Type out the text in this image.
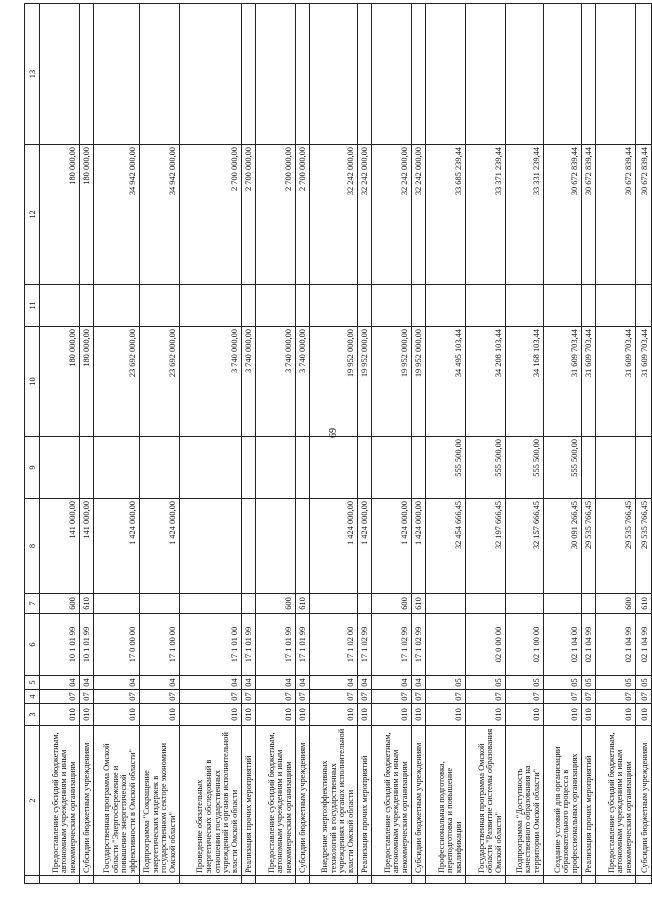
69
	2	3	4	5	6	7	8	9	10	11	12	13
	Предоставление субсидий бюджетным, автономным учреждениям и иным некоммерческим организациям	010	07	04	10 1 01 99	600	141 000,00		180 000,00		180 000,00	
	Субсидии бюджетным учреждениям	010	07	04	10 1 01 99	610	141 000,00		180 000,00		180 000,00	
	Государственная программа Омской области "Энергосбережение и повышение энергетической эффективности в Омской области"	010	07	04	17 0 00 00		1 424 000,00		23 692 000,00		34 942 000,00	
	Подпрограмма "Сокращение энергетических издержек в государственном секторе экономики Омской области"	010	07	04	17 1 00 00		1 424 000,00		23 692 000,00		34 942 000,00	
	Проведение обязательных энергетических обследований в отношении государственных учреждений и органов исполнительной власти Омской области	010	07	04	17 1 01 00				3 740 000,00		2 700 000,00	
	Реализация прочих мероприятий	010	07	04	17 1 01 99				3 740 000,00		2 700 000,00	
	Предоставление субсидий бюджетным, автономным учреждениям и иным некоммерческим организациям	010	07	04	17 1 01 99	600			3 740 000,00		2 700 000,00	
	Субсидии бюджетным учреждениям	010	07	04	17 1 01 99	610			3 740 000,00		2 700 000,00	
	Внедрение энергоэффективных технологий в государственных учреждениях и органах исполнительной власти Омской области	010	07	04	17 1 02 00		1 424 000,00		19 952 000,00		32 242 000,00	
	Реализация прочих мероприятий	010	07	04	17 1 02 99		1 424 000,00		19 952 000,00		32 242 000,00	
	Предоставление субсидий бюджетным, автономным учреждениям и иным некоммерческим организациям	010	07	04	17 1 02 99	600	1 424 000,00		19 952 000,00		32 242 000,00	
	Субсидии бюджетным учреждениям	010	07	04	17 1 02 99	610	1 424 000,00		19 952 000,00		32 242 000,00	
	Профессиональная подготовка, переподготовка и повышение квалификации	010	07	05			32 454 666,45	555 500,00	34 495 103,44		33 685 239,44	
	Государственная программа Омской области "Развитие системы образования Омской области"	010	07	05	02 0 00 00		32 197 666,45	555 500,00	34 208 103,44		33 371 239,44	
	Подпрограмма "Доступность качественного образования на территории Омской области"	010	07	05	02 1 00 00		32 157 666,45	555 500,00	34 168 103,44		33 331 239,44	
	Создание условий для организации образовательного процесса в профессиональных организациях	010	07	05	02 1 04 00		30 091 266,45	555 500,00	31 609 703,44		30 672 839,44	
	Реализация прочих мероприятий	010	07	05	02 1 04 99		29 535 766,45		31 609 703,44		30 672 839,44	
	Предоставление субсидий бюджетным, автономным учреждениям и иным некоммерческим организациям	010	07	05	02 1 04 99	600	29 535 766,45		31 609 703,44		30 672 839,44	
	Субсидии бюджетным учреждениям	010	07	05	02 1 04 99	610	29 535 766,45		31 609 703,44		30 672 839,44	
